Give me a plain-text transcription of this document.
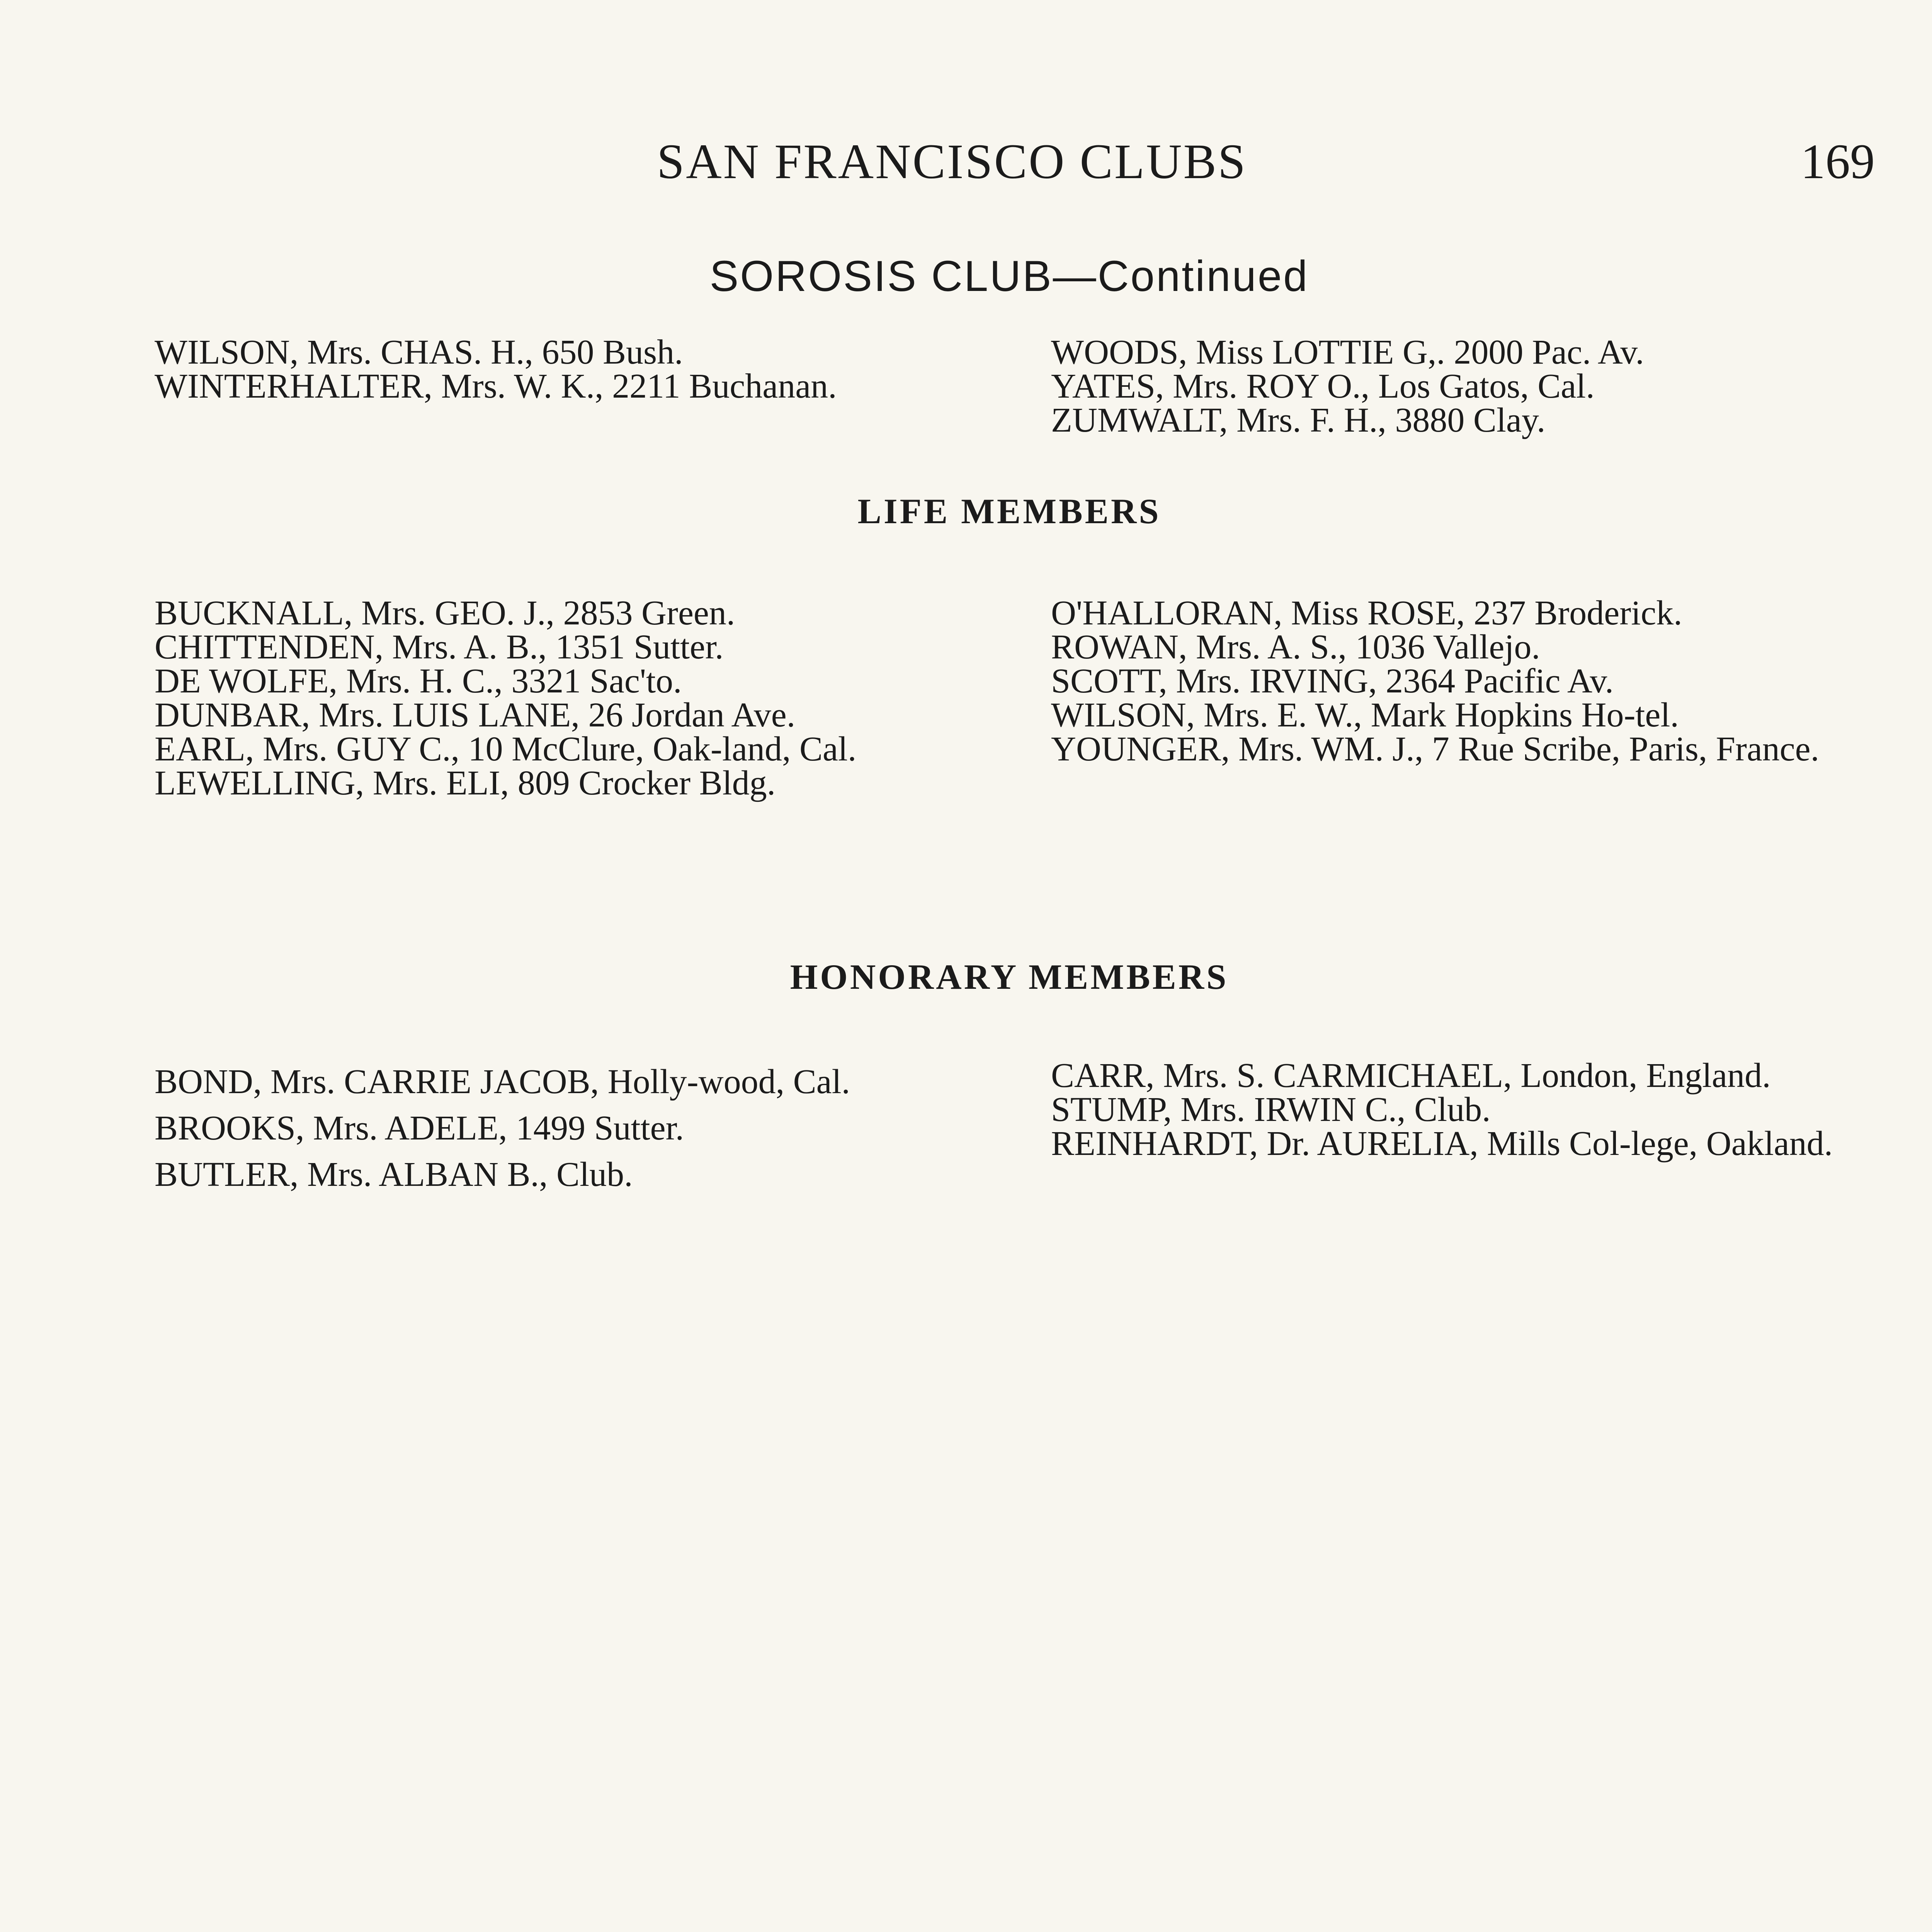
SAN FRANCISCO CLUBS	169
SOROSIS CLUB—Continued

WILSON, Mrs. CHAS. H., 650 Bush.

WINTERHALTER, Mrs. W. K., 2211 Buchanan.

WOODS, Miss LOTTIE G,. 2000 Pac. Av.

YATES, Mrs. ROY O., Los Gatos, Cal.

ZUMWALT, Mrs. F. H., 3880 Clay.

LIFE MEMBERS

BUCKNALL, Mrs. GEO. J., 2853 Green.

CHITTENDEN, Mrs. A. B., 1351 Sutter.

DE WOLFE, Mrs. H. C., 3321 Sac'to.

DUNBAR, Mrs. LUIS LANE, 26 Jordan Ave.

EARL, Mrs. GUY C., 10 McClure, Oak-land, Cal.

LEWELLING, Mrs. ELI, 809 Crocker Bldg.

O'HALLORAN, Miss ROSE, 237 Broderick.

ROWAN, Mrs. A. S., 1036 Vallejo.

SCOTT, Mrs. IRVING, 2364 Pacific Av.

WILSON, Mrs. E. W., Mark Hopkins Ho-tel.

YOUNGER, Mrs. WM. J., 7 Rue Scribe, Paris, France.

HONORARY MEMBERS

BOND, Mrs. CARRIE JACOB, Holly-wood, Cal.

BROOKS, Mrs. ADELE, 1499 Sutter.

BUTLER, Mrs. ALBAN B., Club.

CARR, Mrs. S. CARMICHAEL, London, England.

STUMP, Mrs. IRWIN C., Club.

REINHARDT, Dr. AURELIA, Mills Col-lege, Oakland.
